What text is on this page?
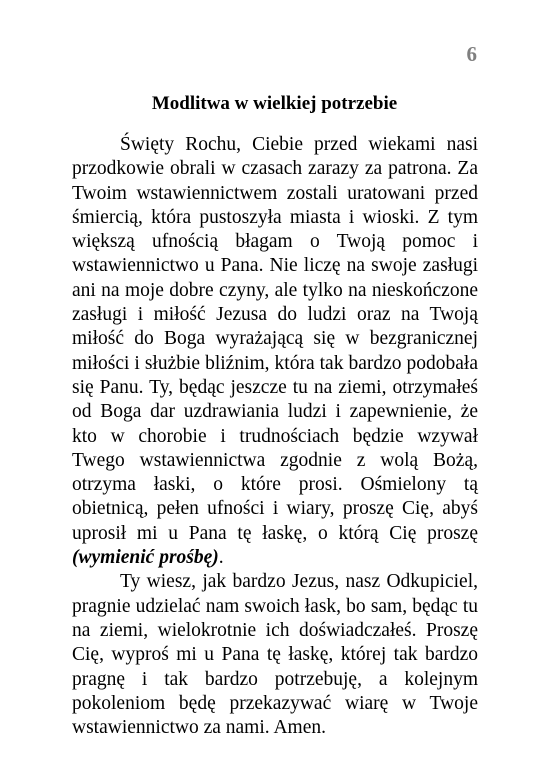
6
Modlitwa w wielkiej potrzebie

Święty Rochu, Ciebie przed wiekami nasi przodkowie obrali w czasach zarazy za patrona. Za Twoim wstawiennictwem zostali uratowani przed śmiercią, która pustoszyła miasta i wioski. Z tym większą ufnością błagam o Twoją pomoc i wstawiennictwo u Pana. Nie liczę na swoje zasługi ani na moje dobre czyny, ale tylko na nieskończone zasługi i miłość Jezusa do ludzi oraz na Twoją miłość do Boga wyrażającą się w bezgranicznej miłości i służbie bliźnim, która tak bardzo podobała się Panu. Ty, będąc jeszcze tu na ziemi, otrzymałeś od Boga dar uzdrawiania ludzi i zapewnienie, że kto w chorobie i trudnościach będzie wzywał Twego wstawiennictwa zgodnie z wolą Bożą, otrzyma łaski, o które prosi. Ośmielony tą obietnicą, pełen ufności i wiary, proszę Cię, abyś uprosił mi u Pana tę łaskę, o którą Cię proszę (wymienić prośbę).

Ty wiesz, jak bardzo Jezus, nasz Odkupiciel, pragnie udzielać nam swoich łask, bo sam, będąc tu na ziemi, wielokrotnie ich doświadczałeś. Proszę Cię, wyproś mi u Pana tę łaskę, której tak bardzo pragnę i tak bardzo potrzebuję, a kolejnym pokoleniom będę przekazywać wiarę w Twoje wstawiennictwo za nami. Amen.
